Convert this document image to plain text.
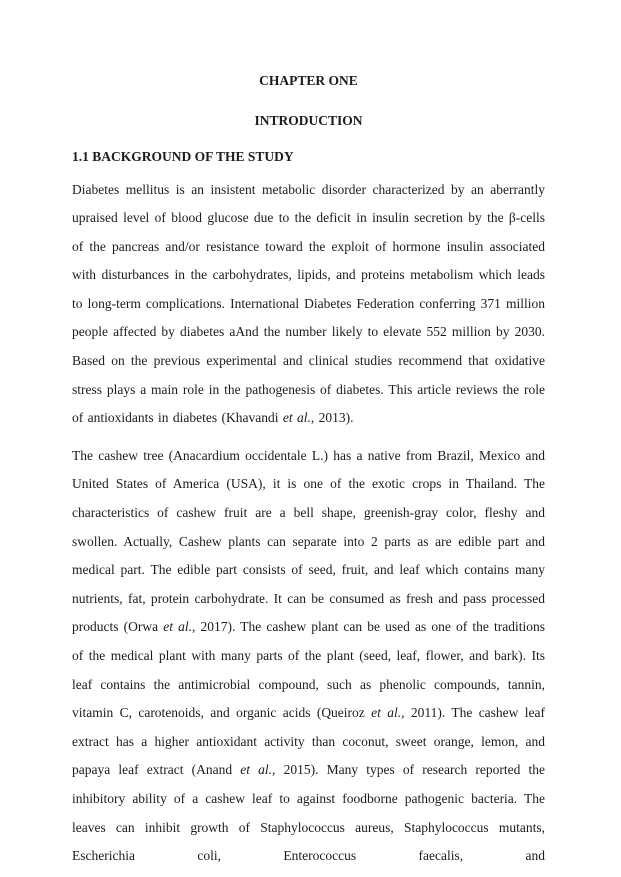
CHAPTER ONE

INTRODUCTION

1.1 BACKGROUND OF THE STUDY

Diabetes mellitus is an insistent metabolic disorder characterized by an aberrantly upraised level of blood glucose due to the deficit in insulin secretion by the β-cells of the pancreas and/or resistance toward the exploit of hormone insulin associated with disturbances in the carbohydrates, lipids, and proteins metabolism which leads to long-term complications. International Diabetes Federation conferring 371 million people affected by diabetes aAnd the number likely to elevate 552 million by 2030. Based on the previous experimental and clinical studies recommend that oxidative stress plays a main role in the pathogenesis of diabetes. This article reviews the role of antioxidants in diabetes (Khavandi et al., 2013).

The cashew tree (Anacardium occidentale L.) has a native from Brazil, Mexico and United States of America (USA), it is one of the exotic crops in Thailand. The characteristics of cashew fruit are a bell shape, greenish-gray color, fleshy and swollen. Actually, Cashew plants can separate into 2 parts as are edible part and medical part. The edible part consists of seed, fruit, and leaf which contains many nutrients, fat, protein carbohydrate. It can be consumed as fresh and pass processed products (Orwa et al., 2017). The cashew plant can be used as one of the traditions of the medical plant with many parts of the plant (seed, leaf, flower, and bark). Its leaf contains the antimicrobial compound, such as phenolic compounds, tannin, vitamin C, carotenoids, and organic acids (Queiroz et al., 2011). The cashew leaf extract has a higher antioxidant activity than coconut, sweet orange, lemon, and papaya leaf extract (Anand et al., 2015). Many types of research reported the inhibitory ability of a cashew leaf to against foodborne pathogenic bacteria. The leaves can inhibit growth of Staphylococcus aureus, Staphylococcus mutants, Escherichia coli, Enterococcus faecalis, and
